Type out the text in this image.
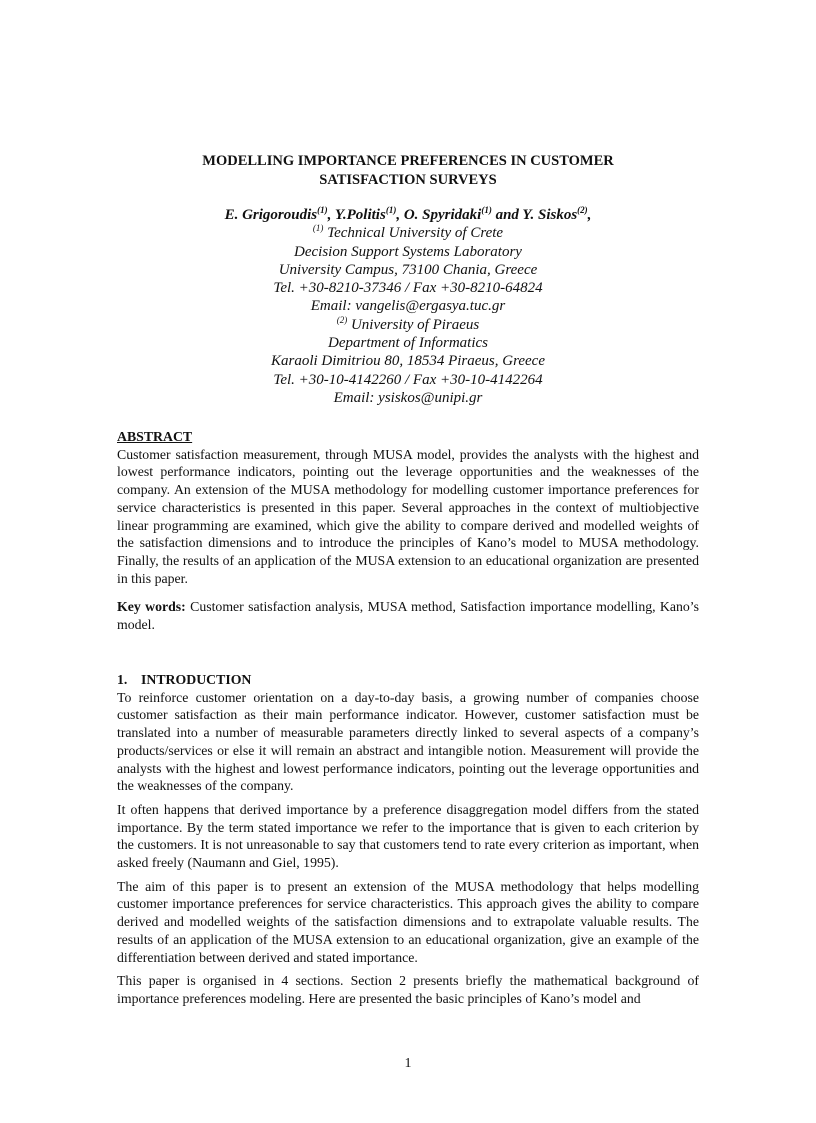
MODELLING IMPORTANCE PREFERENCES IN CUSTOMER
SATISFACTION SURVEYS
E. Grigoroudis$^{(1)}$, Y.Politis$^{(1)}$, O. Spyridaki$^{(1)}$ and Y. Siskos$^{(2)}$,
$^{(1)}$ Technical University of Crete
Decision Support Systems Laboratory
University Campus, 73100 Chania, Greece
Tel. +30-8210-37346 / Fax +30-8210-64824
Email: vangelis@ergasya.tuc.gr
$^{(2)}$ University of Piraeus
Department of Informatics
Karaoli Dimitriou 80, 18534 Piraeus, Greece
Tel. +30-10-4142260 / Fax +30-10-4142264
Email: ysiskos@unipi.gr
ABSTRACT
Customer satisfaction measurement, through MUSA model, provides the analysts with the highest and lowest performance indicators, pointing out the leverage opportunities and the weaknesses of the company. An extension of the MUSA methodology for modelling customer importance preferences for service characteristics is presented in this paper. Several approaches in the context of multiobjective linear programming are examined, which give the ability to compare derived and modelled weights of the satisfaction dimensions and to introduce the principles of Kano’s model to MUSA methodology. Finally, the results of an application of the MUSA extension to an educational organization are presented in this paper.
Key words: Customer satisfaction analysis, MUSA method, Satisfaction importance modelling, Kano’s model.
1. INTRODUCTION

To reinforce customer orientation on a day-to-day basis, a growing number of companies choose customer satisfaction as their main performance indicator. However, customer satisfaction must be translated into a number of measurable parameters directly linked to several aspects of a company’s products/services or else it will remain an abstract and intangible notion. Measurement will provide the analysts with the highest and lowest performance indicators, pointing out the leverage opportunities and the weaknesses of the company.

It often happens that derived importance by a preference disaggregation model differs from the stated importance. By the term stated importance we refer to the importance that is given to each criterion by the customers. It is not unreasonable to say that customers tend to rate every criterion as important, when asked freely (Naumann and Giel, 1995).

The aim of this paper is to present an extension of the MUSA methodology that helps modelling customer importance preferences for service characteristics. This approach gives the ability to compare derived and modelled weights of the satisfaction dimensions and to extrapolate valuable results. The results of an application of the MUSA extension to an educational organization, give an example of the differentiation between derived and stated importance.

This paper is organised in 4 sections. Section 2 presents briefly the mathematical background of importance preferences modeling. Here are presented the basic principles of Kano’s model and

1
